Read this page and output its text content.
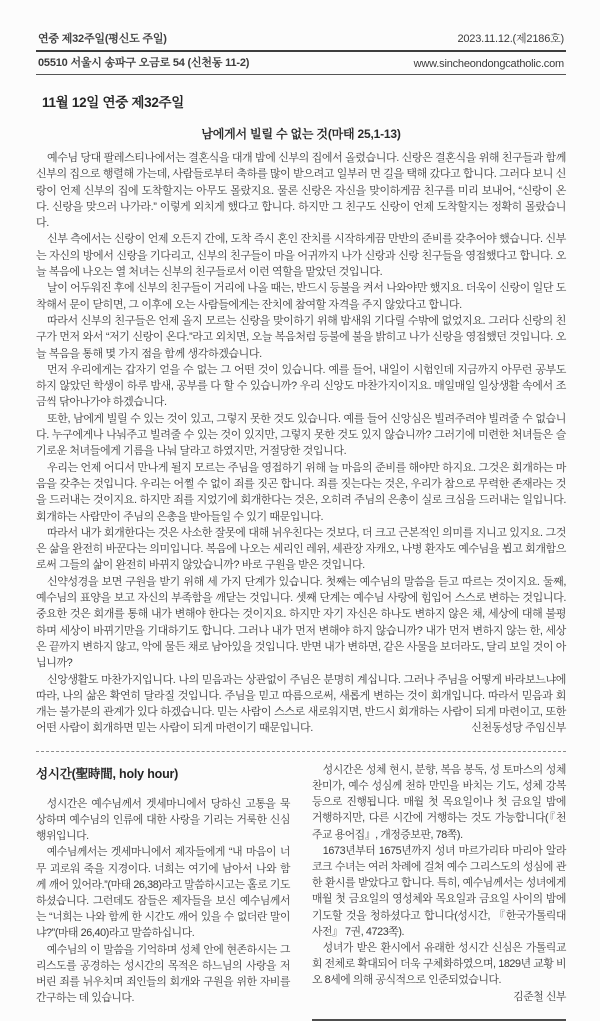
연중 제32주일(평신도 주일)	2023.11.12.(제2186호)
05510 서울시 송파구 오금로 54 (신천동 11-2)	www.sincheondongcatholic.com
11월 12일 연중 제32주일
남에게서 빌릴 수 없는 것(마태 25,1-13)

예수님 당대 팔레스티나에서는 결혼식을 대개 밤에 신부의 집에서 올렸습니다. 신랑은 결혼식을 위해 친구들과 함께 신부의 집으로 행렬해 가는데, 사람들로부터 축하를 많이 받으려고 일부러 먼 길을 택해 갔다고 합니다. 그러다 보니 신랑이 언제 신부의 집에 도착할지는 아무도 몰랐지요. 물론 신랑은 자신을 맞이하게끔 친구를 미리 보내어, “신랑이 온다. 신랑을 맞으러 나가라.” 이렇게 외치게 했다고 합니다. 하지만 그 친구도 신랑이 언제 도착할지는 정확히 몰랐습니다.

신부 측에서는 신랑이 언제 오든지 간에, 도착 즉시 혼인 잔치를 시작하게끔 만반의 준비를 갖추어야 했습니다. 신부는 자신의 방에서 신랑을 기다리고, 신부의 친구들이 마을 어귀까지 나가 신랑과 신랑 친구들을 영접했다고 합니다. 오늘 복음에 나오는 열 처녀는 신부의 친구들로서 이런 역할을 맡았던 것입니다.

날이 어두워진 후에 신부의 친구들이 거리에 나올 때는, 반드시 등불을 켜서 나와야만 했지요. 더욱이 신랑이 일단 도착해서 문이 닫히면, 그 이후에 오는 사람들에게는 잔치에 참여할 자격을 주지 않았다고 합니다.

따라서 신부의 친구들은 언제 올지 모르는 신랑을 맞이하기 위해 밤새워 기다릴 수밖에 없었지요. 그러다 신랑의 친구가 먼저 와서 “저기 신랑이 온다.”라고 외치면, 오늘 복음처럼 등불에 불을 밝히고 나가 신랑을 영접했던 것입니다. 오늘 복음을 통해 몇 가지 점을 함께 생각하겠습니다.

먼저 우리에게는 갑자기 얻을 수 없는 그 어떤 것이 있습니다. 예를 들어, 내일이 시험인데 지금까지 아무런 공부도 하지 않았던 학생이 하루 밤새, 공부를 다 할 수 있습니까? 우리 신앙도 마찬가지이지요. 매일매일 일상생활 속에서 조금씩 닦아나가야 하겠습니다.

또한, 남에게 빌릴 수 있는 것이 있고, 그렇지 못한 것도 있습니다. 예를 들어 신앙심은 빌려주려야 빌려줄 수 없습니다. 누구에게나 나눠주고 빌려줄 수 있는 것이 있지만, 그렇지 못한 것도 있지 않습니까? 그러기에 미련한 처녀들은 슬기로운 처녀들에게 기름을 나눠 달라고 하였지만, 거절당한 것입니다.

우리는 언제 어디서 만나게 될지 모르는 주님을 영접하기 위해 늘 마음의 준비를 해야만 하지요. 그것은 회개하는 마음을 갖추는 것입니다. 우리는 어쩔 수 없이 죄를 짓곤 합니다. 죄를 짓는다는 것은, 우리가 참으로 무력한 존재라는 것을 드러내는 것이지요. 하지만 죄를 지었기에 회개한다는 것은, 오히려 주님의 은총이 실로 크심을 드러내는 일입니다. 회개하는 사람만이 주님의 은총을 받아들일 수 있기 때문입니다.

따라서 내가 회개한다는 것은 사소한 잘못에 대해 뉘우친다는 것보다, 더 크고 근본적인 의미를 지니고 있지요. 그것은 삶을 완전히 바꾼다는 의미입니다. 복음에 나오는 세리인 레위, 세관장 자캐오, 나병 환자도 예수님을 뵙고 회개함으로써 그들의 삶이 완전히 바뀌지 않았습니까? 바로 구원을 받은 것입니다.

신약성경을 보면 구원을 받기 위해 세 가지 단계가 있습니다. 첫째는 예수님의 말씀을 듣고 따르는 것이지요. 둘째, 예수님의 표양을 보고 자신의 부족함을 깨닫는 것입니다. 셋째 단계는 예수님 사랑에 힘입어 스스로 변하는 것입니다. 중요한 것은 회개를 통해 내가 변해야 한다는 것이지요. 하지만 자기 자신은 하나도 변하지 않은 채, 세상에 대해 불평하며 세상이 바뀌기만을 기대하기도 합니다. 그러나 내가 먼저 변해야 하지 않습니까? 내가 먼저 변하지 않는 한, 세상은 끝까지 변하지 않고, 악에 물든 채로 남아있을 것입니다. 반면 내가 변하면, 같은 사물을 보더라도, 달리 보일 것이 아닙니까?

신앙생활도 마찬가지입니다. 나의 믿음과는 상관없이 주님은 분명히 계십니다. 그러나 주님을 어떻게 바라보느냐에 따라, 나의 삶은 확연히 달라질 것입니다. 주님을 믿고 따름으로써, 새롭게 변하는 것이 회개입니다. 따라서 믿음과 회개는 불가분의 관계가 있다 하겠습니다. 믿는 사람이 스스로 새로워지면, 반드시 회개하는 사람이 되게 마련이고, 또한 어떤 사람이 회개하면 믿는 사람이 되게 마련이기 때문입니다.	신천동성당 주임신부
성시간(聖時間, holy hour)

성시간은 예수님께서 겟세마니에서 당하신 고통을 묵상하며 예수님의 인류에 대한 사랑을 기리는 거룩한 신심 행위입니다.

예수님께서는 겟세마니에서 제자들에게 “내 마음이 너무 괴로워 죽을 지경이다. 너희는 여기에 남아서 나와 함께 깨어 있어라.”(마태 26,38)라고 말씀하시고는 홀로 기도하셨습니다. 그런데도 잠들은 제자들을 보신 예수님께서는 “너희는 나와 함께 한 시간도 깨어 있을 수 없더란 말이냐?”(마태 26,40)라고 말씀하십니다.

예수님의 이 말씀을 기억하며 성체 안에 현존하시는 그리스도를 공경하는 성시간의 목적은 하느님의 사랑을 저버린 죄를 뉘우치며 죄인들의 회개와 구원을 위한 자비를 간구하는 데 있습니다.

성시간은 성체 현시, 분향, 복음 봉독, 성 토마스의 성체 찬미가, 예수 성심께 천하 만민을 바치는 기도, 성체 강복 등으로 진행됩니다. 매월 첫 목요일이나 첫 금요일 밤에 거행하지만, 다른 시간에 거행하는 것도 가능합니다(『천주교 용어집』, 개정증보판, 78쪽).

1673년부터 1675년까지 성녀 마르가리타 마리아 알라코크 수녀는 여러 차례에 걸쳐 예수 그리스도의 성심에 관한 환시를 받았다고 합니다. 특히, 예수님께서는 성녀에게 매월 첫 금요일의 영성체와 목요일과 금요일 사이의 밤에 기도할 것을 청하셨다고 합니다(성시간, 『한국가톨릭대사전』 7권, 4723쪽).

성녀가 받은 환시에서 유래한 성시간 신심은 가톨릭교회 전체로 확대되어 더욱 구체화하였으며, 1829년 교황 비오 8세에 의해 공식적으로 인준되었습니다.

김준철 신부
